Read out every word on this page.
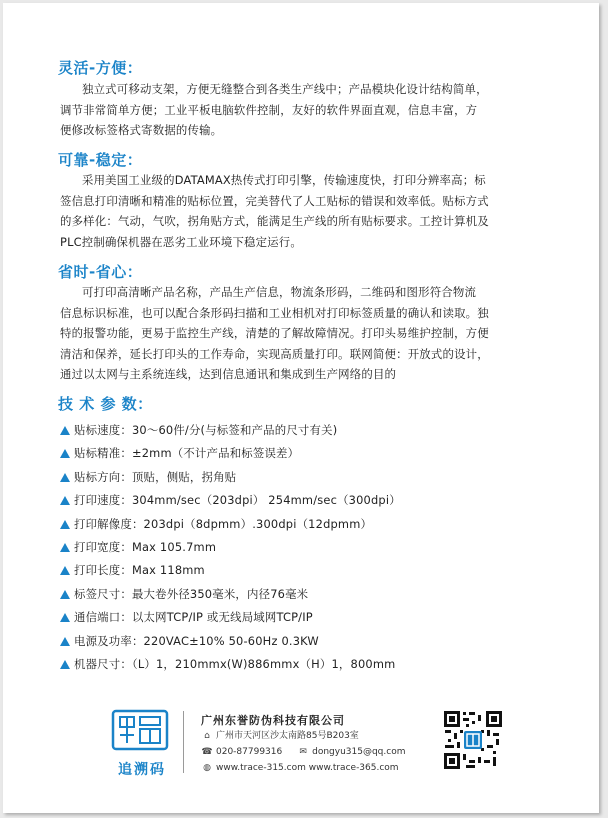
灵活-方便：
独立式可移动支架，方便无缝整合到各类生产线中；产品模块化设计结构简单，
调节非常简单方便；工业平板电脑软件控制，友好的软件界面直观，信息丰富，方
便修改标签格式寄数据的传输。
可靠-稳定：
采用美国工业级的DATAMAX热传式打印引擎，传输速度快，打印分辨率高；标
签信息打印清晰和精准的贴标位置，完美替代了人工贴标的错误和效率低。贴标方式
的多样化：气动，气吹，拐角贴方式，能满足生产线的所有贴标要求。工控计算机及
PLC控制确保机器在恶劣工业环境下稳定运行。
省时-省心：
可打印高清晰产品名称，产品生产信息，物流条形码，二维码和图形符合物流
信息标识标准，也可以配合条形码扫描和工业相机对打印标签质量的确认和读取。独
特的报警功能，更易于监控生产线，清楚的了解故障情况。打印头易维护控制，方便
清洁和保养，延长打印头的工作寿命，实现高质量打印。联网简便：开放式的设计，
通过以太网与主系统连线，达到信息通讯和集成到生产网络的目的
技 术 参 数：
贴标速度：30～60件/分(与标签和产品的尺寸有关)
贴标精准：±2mm（不计产品和标签误差）
贴标方向：顶贴，侧贴，拐角贴
打印速度：304mm/sec（203dpi） 254mm/sec（300dpi）
打印解像度：203dpi（8dpmm）.300dpi（12dpmm）
打印宽度：Max 105.7mm
打印长度：Max 118mm
标签尺寸：最大卷外径350毫米，内径76毫米
通信端口：以太网TCP/IP 或无线局域网TCP/IP
电源及功率：220VAC±10% 50-60Hz 0.3KW
机器尺寸：（L）1，210mmx(W)886mmx（H）1，800mm
追溯码
广州东誉防伪科技有限公司
⌂ 广州市天河区沙太南路85号B203室
☎ 020-87799316 ✉ dongyu315@qq.com
◍ www.trace-315.com www.trace-365.com
